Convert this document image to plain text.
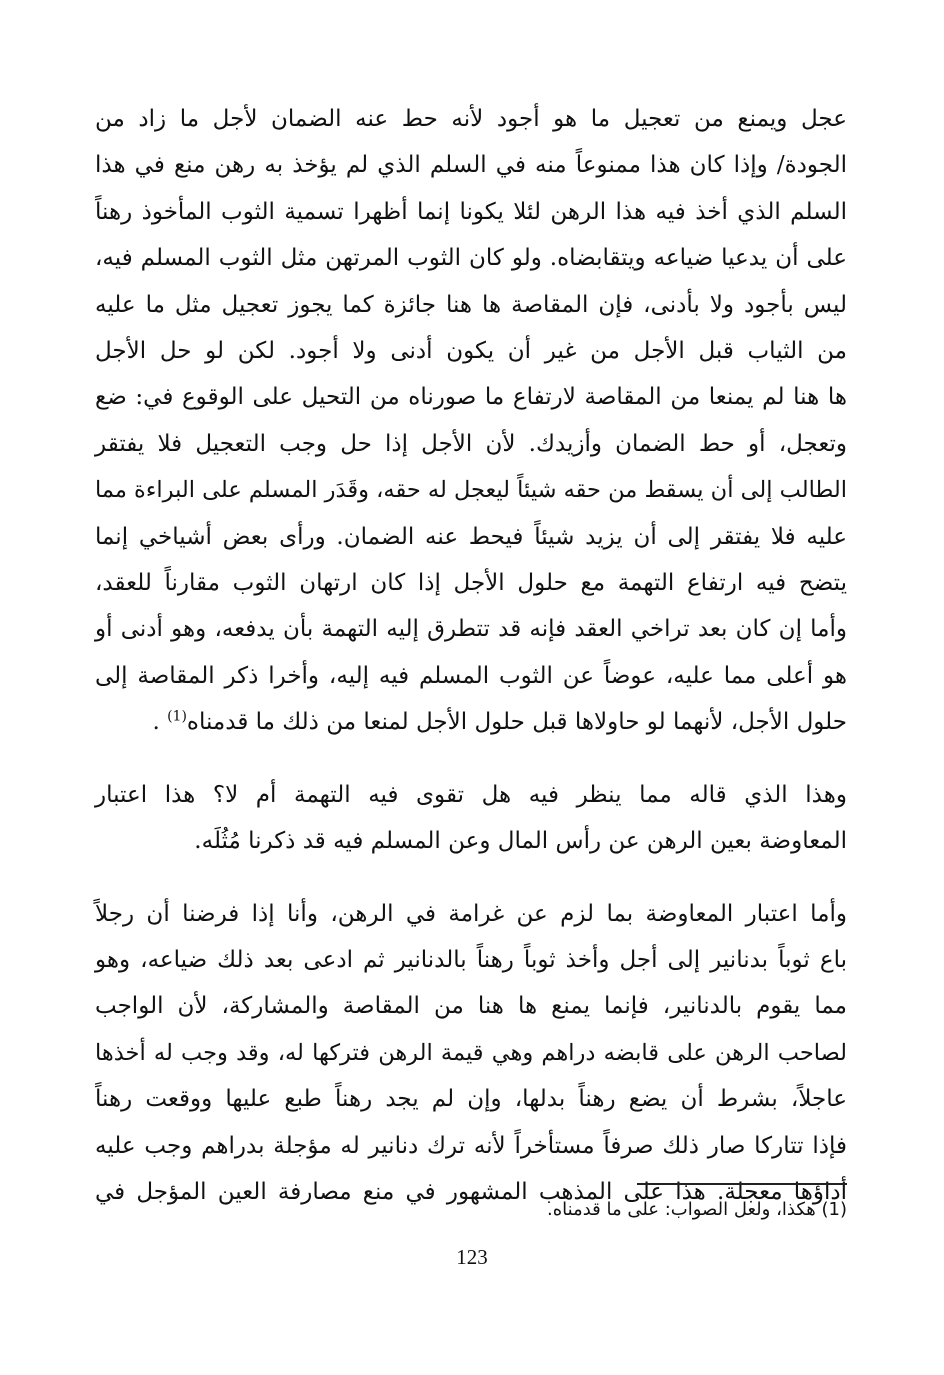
عجل ويمنع من تعجيل ما هو أجود لأنه حط عنه الضمان لأجل ما زاد من
الجودة/ وإذا كان هذا ممنوعاً منه في السلم الذي لم يؤخذ به رهن منع في هذا
السلم الذي أخذ فيه هذا الرهن لئلا يكونا إنما أظهرا تسمية الثوب المأخوذ رهناً
على أن يدعيا ضياعه ويتقابضاه. ولو كان الثوب المرتهن مثل الثوب المسلم فيه،
ليس بأجود ولا بأدنى، فإن المقاصة ها هنا جائزة كما يجوز تعجيل مثل ما عليه
من الثياب قبل الأجل من غير أن يكون أدنى ولا أجود. لكن لو حل الأجل
ها هنا لم يمنعا من المقاصة لارتفاع ما صورناه من التحيل على الوقوع في: ضع
وتعجل، أو حط الضمان وأزيدك. لأن الأجل إذا حل وجب التعجيل فلا يفتقر
الطالب إلى أن يسقط من حقه شيئاً ليعجل له حقه، وقَدَر المسلم على البراءة مما
عليه فلا يفتقر إلى أن يزيد شيئاً فيحط عنه الضمان. ورأى بعض أشياخي إنما
يتضح فيه ارتفاع التهمة مع حلول الأجل إذا كان ارتهان الثوب مقارناً للعقد،
وأما إن كان بعد تراخي العقد فإنه قد تتطرق إليه التهمة بأن يدفعه، وهو أدنى أو
هو أعلى مما عليه، عوضاً عن الثوب المسلم فيه إليه، وأخرا ذكر المقاصة إلى
حلول الأجل، لأنهما لو حاولاها قبل حلول الأجل لمنعا من ذلك ما قدمناه$^{(1)}$ .

وهذا الذي قاله مما ينظر فيه هل تقوى فيه التهمة أم لا؟ هذا اعتبار
المعاوضة بعين الرهن عن رأس المال وعن المسلم فيه قد ذكرنا مُثُلَه.

وأما اعتبار المعاوضة بما لزم عن غرامة في الرهن، وأنا إذا فرضنا أن رجلاً
باع ثوباً بدنانير إلى أجل وأخذ ثوباً رهناً بالدنانير ثم ادعى بعد ذلك ضياعه، وهو
مما يقوم بالدنانير، فإنما يمنع ها هنا من المقاصة والمشاركة، لأن الواجب
لصاحب الرهن على قابضه دراهم وهي قيمة الرهن فتركها له، وقد وجب له أخذها
عاجلاً، بشرط أن يضع رهناً بدلها، وإن لم يجد رهناً طبع عليها ووقعت رهناً
فإذا تتاركا صار ذلك صرفاً مستأخراً لأنه ترك دنانير له مؤجلة بدراهم وجب عليه
أداؤها معجلة. هذا على المذهب المشهور في منع مصارفة العين المؤجل في

(1) هكذا، ولعل الصواب: على ما قدمناه.
123
